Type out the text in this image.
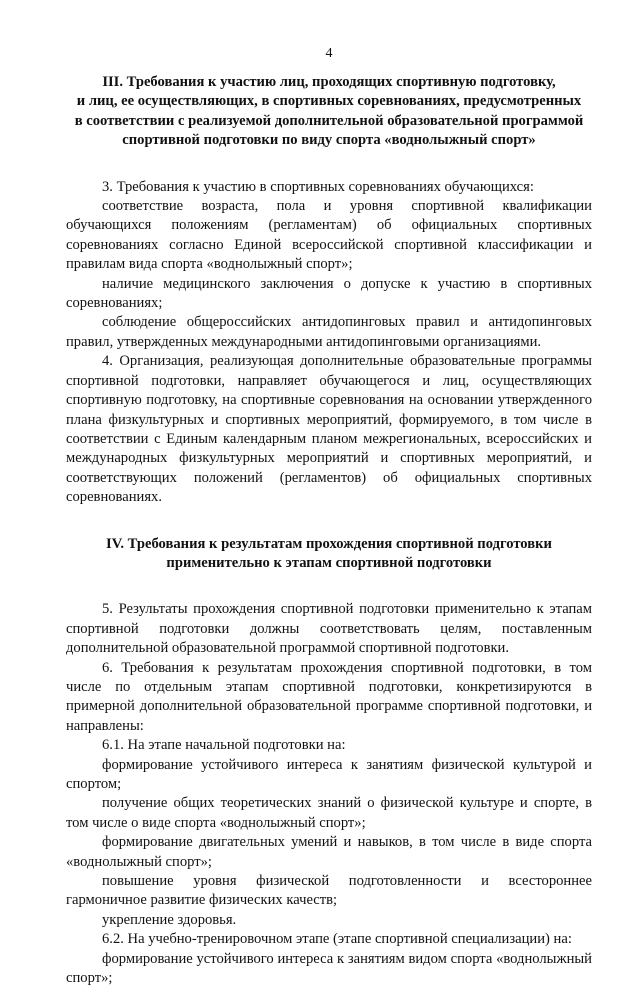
4
III. Требования к участию лиц, проходящих спортивную подготовку,
и лиц, ее осуществляющих, в спортивных соревнованиях, предусмотренных
в соответствии с реализуемой дополнительной образовательной программой
спортивной подготовки по виду спорта «воднолыжный спорт»

3. Требования к участию в спортивных соревнованиях обучающихся:

соответствие возраста, пола и уровня спортивной квалификации обучающихся положениям (регламентам) об официальных спортивных соревнованиях согласно Единой всероссийской спортивной классификации и правилам вида спорта «воднолыжный спорт»;

наличие медицинского заключения о допуске к участию в спортивных соревнованиях;

соблюдение общероссийских антидопинговых правил и антидопинговых правил, утвержденных международными антидопинговыми организациями.

4. Организация, реализующая дополнительные образовательные программы спортивной подготовки, направляет обучающегося и лиц, осуществляющих спортивную подготовку, на спортивные соревнования на основании утвержденного плана физкультурных и спортивных мероприятий, формируемого, в том числе в соответствии с Единым календарным планом межрегиональных, всероссийских и международных физкультурных мероприятий и спортивных мероприятий, и соответствующих положений (регламентов) об официальных спортивных соревнованиях.

IV. Требования к результатам прохождения спортивной подготовки
применительно к этапам спортивной подготовки

5. Результаты прохождения спортивной подготовки применительно к этапам спортивной подготовки должны соответствовать целям, поставленным дополнительной образовательной программой спортивной подготовки.

6. Требования к результатам прохождения спортивной подготовки, в том числе по отдельным этапам спортивной подготовки, конкретизируются в примерной дополнительной образовательной программе спортивной подготовки, и направлены:

6.1. На этапе начальной подготовки на:

формирование устойчивого интереса к занятиям физической культурой и спортом;

получение общих теоретических знаний о физической культуре и спорте, в том числе о виде спорта «воднолыжный спорт»;

формирование двигательных умений и навыков, в том числе в виде спорта «воднолыжный спорт»;

повышение уровня физической подготовленности и всестороннее гармоничное развитие физических качеств;

укрепление здоровья.

6.2. На учебно-тренировочном этапе (этапе спортивной специализации) на:

формирование устойчивого интереса к занятиям видом спорта «воднолыжный спорт»;
